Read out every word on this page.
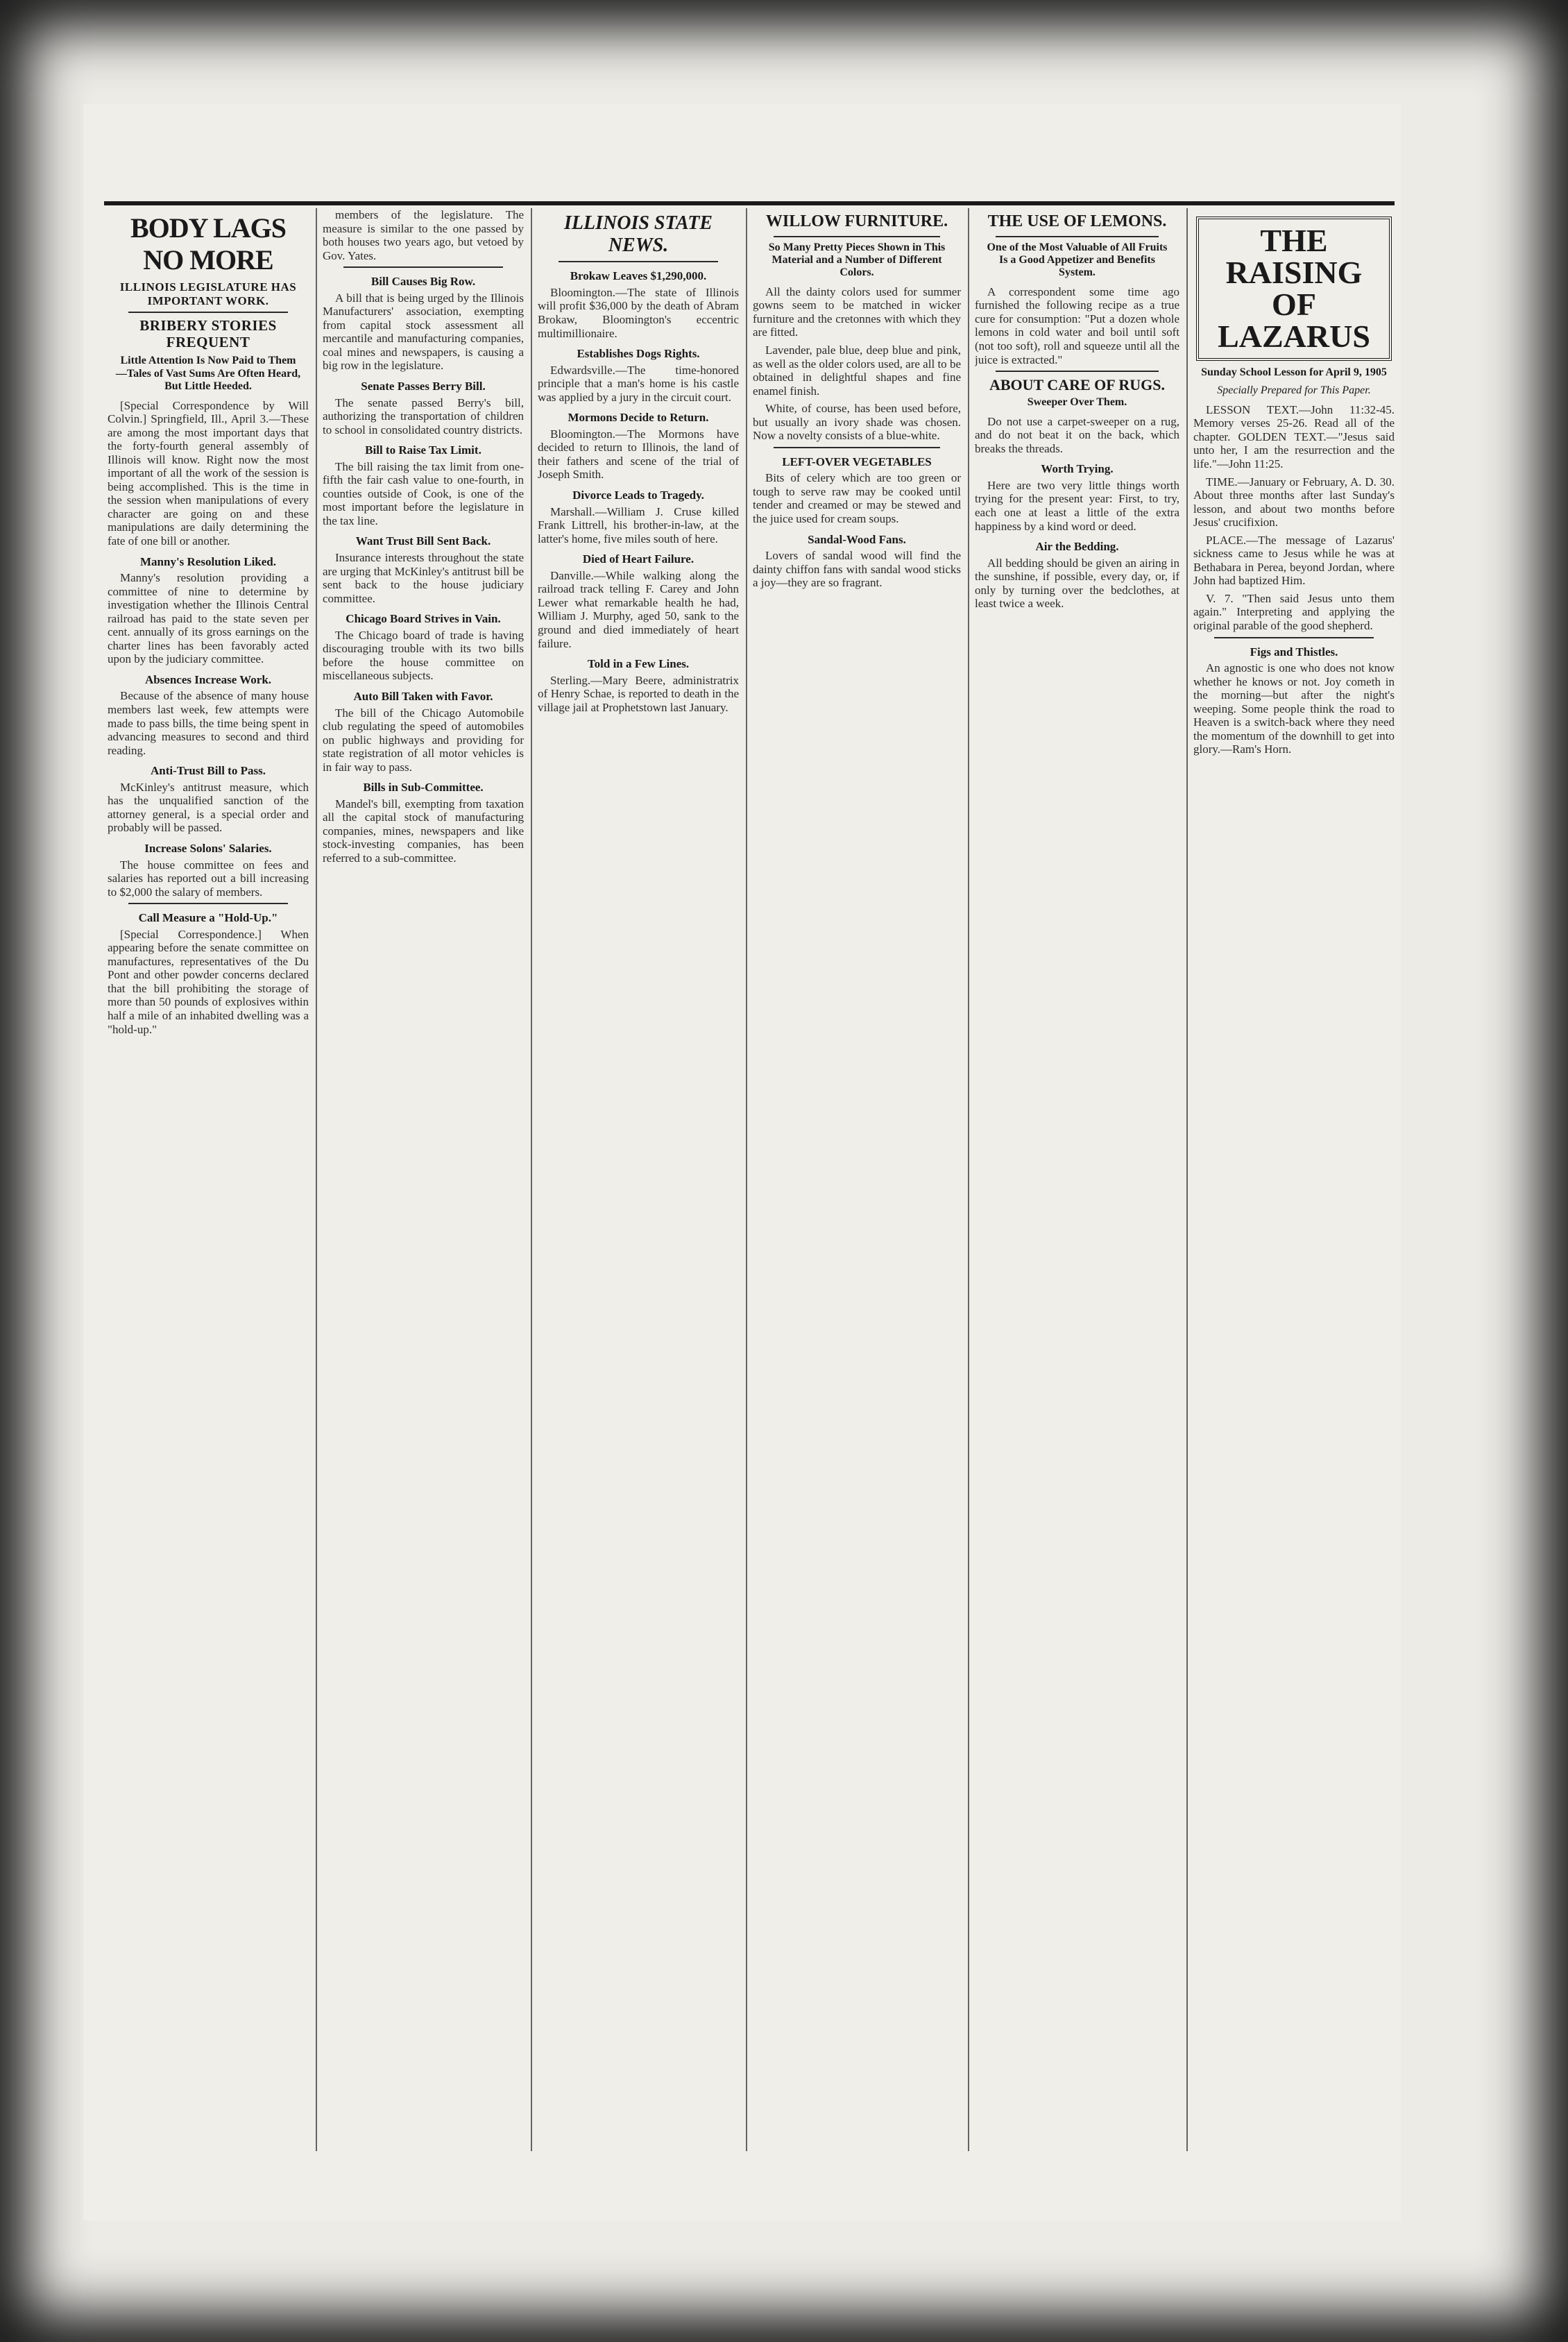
BODY LAGS NO MORE
ILLINOIS LEGISLATURE HAS IMPORTANT WORK.
BRIBERY STORIES FREQUENT
Little Attention Is Now Paid to Them —Tales of Vast Sums Are Often Heard, But Little Heeded.

[Special Correspondence by Will Colvin.] Springfield, Ill., April 3.—These are among the most important days that the forty-fourth general assembly of Illinois will know. Right now the most important of all the work of the session is being accomplished. This is the time in the session when manipulations of every character are going on and these manipulations are daily determining the fate of one bill or another.

Manny's Resolution Liked.

Manny's resolution providing a committee of nine to determine by investigation whether the Illinois Central railroad has paid to the state seven per cent. annually of its gross earnings on the charter lines has been favorably acted upon by the judiciary committee.

Absences Increase Work.

Because of the absence of many house members last week, few attempts were made to pass bills, the time being spent in advancing measures to second and third reading.

Anti-Trust Bill to Pass.

McKinley's antitrust measure, which has the unqualified sanction of the attorney general, is a special order and probably will be passed.

Increase Solons' Salaries.

The house committee on fees and salaries has reported out a bill increasing to $2,000 the salary of members.

Call Measure a "Hold-Up."

[Special Correspondence.] When appearing before the senate committee on manufactures, representatives of the Du Pont and other powder concerns declared that the bill prohibiting the storage of more than 50 pounds of explosives within half a mile of an inhabited dwelling was a "hold-up."

members of the legislature. The measure is similar to the one passed by both houses two years ago, but vetoed by Gov. Yates.

Bill Causes Big Row.

A bill that is being urged by the Illinois Manufacturers' association, exempting from capital stock assessment all mercantile and manufacturing companies, coal mines and newspapers, is causing a big row in the legislature.

Senate Passes Berry Bill.

The senate passed Berry's bill, authorizing the transportation of children to school in consolidated country districts.

Bill to Raise Tax Limit.

The bill raising the tax limit from one-fifth the fair cash value to one-fourth, in counties outside of Cook, is one of the most important before the legislature in the tax line.

Want Trust Bill Sent Back.

Insurance interests throughout the state are urging that McKinley's antitrust bill be sent back to the house judiciary committee.

Chicago Board Strives in Vain.

The Chicago board of trade is having discouraging trouble with its two bills before the house committee on miscellaneous subjects.

Auto Bill Taken with Favor.

The bill of the Chicago Automobile club regulating the speed of automobiles on public highways and providing for state registration of all motor vehicles is in fair way to pass.

Bills in Sub-Committee.

Mandel's bill, exempting from taxation all the capital stock of manufacturing companies, mines, newspapers and like stock-investing companies, has been referred to a sub-committee.

ILLINOIS STATE NEWS.
Brokaw Leaves $1,290,000.

Bloomington.—The state of Illinois will profit $36,000 by the death of Abram Brokaw, Bloomington's eccentric multimillionaire.

Establishes Dogs Rights.

Edwardsville.—The time-honored principle that a man's home is his castle was applied by a jury in the circuit court.

Mormons Decide to Return.

Bloomington.—The Mormons have decided to return to Illinois, the land of their fathers and scene of the trial of Joseph Smith.

Divorce Leads to Tragedy.

Marshall.—William J. Cruse killed Frank Littrell, his brother-in-law, at the latter's home, five miles south of here.

Died of Heart Failure.

Danville.—While walking along the railroad track telling F. Carey and John Lewer what remarkable health he had, William J. Murphy, aged 50, sank to the ground and died immediately of heart failure.

Told in a Few Lines.

Sterling.—Mary Beere, administratrix of Henry Schae, is reported to death in the village jail at Prophetstown last January.

WILLOW FURNITURE.
So Many Pretty Pieces Shown in This Material and a Number of Different Colors.

All the dainty colors used for summer gowns seem to be matched in wicker furniture and the cretonnes with which they are fitted.

Lavender, pale blue, deep blue and pink, as well as the older colors used, are all to be obtained in delightful shapes and fine enamel finish.

White, of course, has been used before, but usually an ivory shade was chosen. Now a novelty consists of a blue-white.

LEFT-OVER VEGETABLES

Bits of celery which are too green or tough to serve raw may be cooked until tender and creamed or may be stewed and the juice used for cream soups.

Sandal-Wood Fans.

Lovers of sandal wood will find the dainty chiffon fans with sandal wood sticks a joy—they are so fragrant.

THE USE OF LEMONS.
One of the Most Valuable of All Fruits Is a Good Appetizer and Benefits System.

A correspondent some time ago furnished the following recipe as a true cure for consumption: "Put a dozen whole lemons in cold water and boil until soft (not too soft), roll and squeeze until all the juice is extracted."

ABOUT CARE OF RUGS.
Sweeper Over Them.

Do not use a carpet-sweeper on a rug, and do not beat it on the back, which breaks the threads.

Worth Trying.

Here are two very little things worth trying for the present year: First, to try, each one at least a little of the extra happiness by a kind word or deed.

Air the Bedding.

All bedding should be given an airing in the sunshine, if possible, every day, or, if only by turning over the bedclothes, at least twice a week.

THE RAISING OF LAZARUS
Sunday School Lesson for April 9, 1905
Specially Prepared for This Paper.

LESSON TEXT.—John 11:32-45. Memory verses 25-26. Read all of the chapter. GOLDEN TEXT.—"Jesus said unto her, I am the resurrection and the life."—John 11:25.

TIME.—January or February, A. D. 30. About three months after last Sunday's lesson, and about two months before Jesus' crucifixion.

PLACE.—The message of Lazarus' sickness came to Jesus while he was at Bethabara in Perea, beyond Jordan, where John had baptized Him.

V. 7. "Then said Jesus unto them again." Interpreting and applying the original parable of the good shepherd.

Figs and Thistles.

An agnostic is one who does not know whether he knows or not. Joy cometh in the morning—but after the night's weeping. Some people think the road to Heaven is a switch-back where they need the momentum of the downhill to get into glory.—Ram's Horn.
